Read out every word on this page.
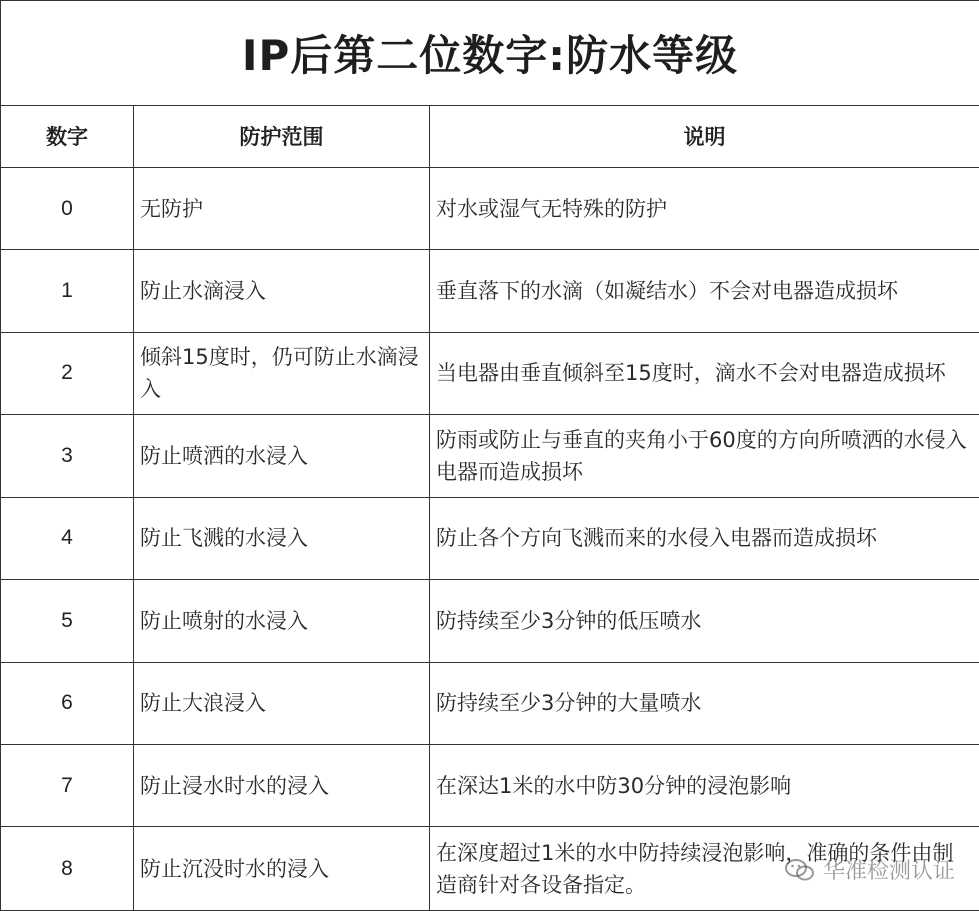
IP后第二位数字:防水等级		
数字	防护范围	说明
0	无防护	对水或湿气无特殊的防护
1	防止水滴浸入	垂直落下的水滴（如凝结水）不会对电器造成损坏
2	倾斜15度时，仍可防止水滴浸入	当电器由垂直倾斜至15度时，滴水不会对电器造成损坏
3	防止喷洒的水浸入	防雨或防止与垂直的夹角小于60度的方向所喷洒的水侵入电器而造成损坏
4	防止飞溅的水浸入	防止各个方向飞溅而来的水侵入电器而造成损坏
5	防止喷射的水浸入	防持续至少3分钟的低压喷水
6	防止大浪浸入	防持续至少3分钟的大量喷水
7	防止浸水时水的浸入	在深达1米的水中防30分钟的浸泡影响
8	防止沉没时水的浸入	在深度超过1米的水中防持续浸泡影响，准确的条件由制造商针对各设备指定。
华准检测认证
